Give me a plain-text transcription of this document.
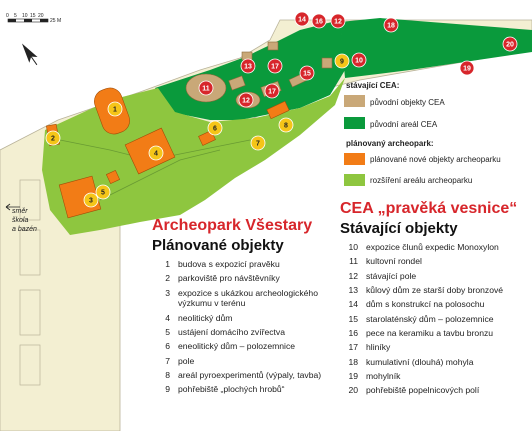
stávající CEA:
původní objekty CEA
původní areál CEA
plánovaný archeopark:
plánované nové objekty archeoparku
rozšíření areálu archeoparku
0 5 10 15 20
25 M
směr
škola
a bazén
1
2
3
4
5
6
7
8
9 10
11
12
13
14
15
16
17
18
19
20
12
17
Archeopark Všestary
Plánované objekty
1 budova s expozicí pravěku
2 parkoviště pro návštěvníky
3 expozice s ukázkou archeologického výzkumu v terénu
4 neolitický dům
5 ustájení domácího zvířectva
6 eneolitický dům – polozemnice
7 pole
8 areál pyroexperimentů (výpaly, tavba)
9 pohřebiště „plochých hrobů“
CEA „pravěká vesnice“
Stávající objekty
10 expozice člunů expedic Monoxylon
11 kultovní rondel
12 stávající pole
13 kůlový dům ze starší doby bronzové
14 dům s konstrukcí na polosochu
15 starolaténský dům – polozemnice
16 pece na keramiku a tavbu bronzu
17 hliníky
18 kumulativní (dlouhá) mohyla
19 mohylník
20 pohřebiště popelnicových polí
